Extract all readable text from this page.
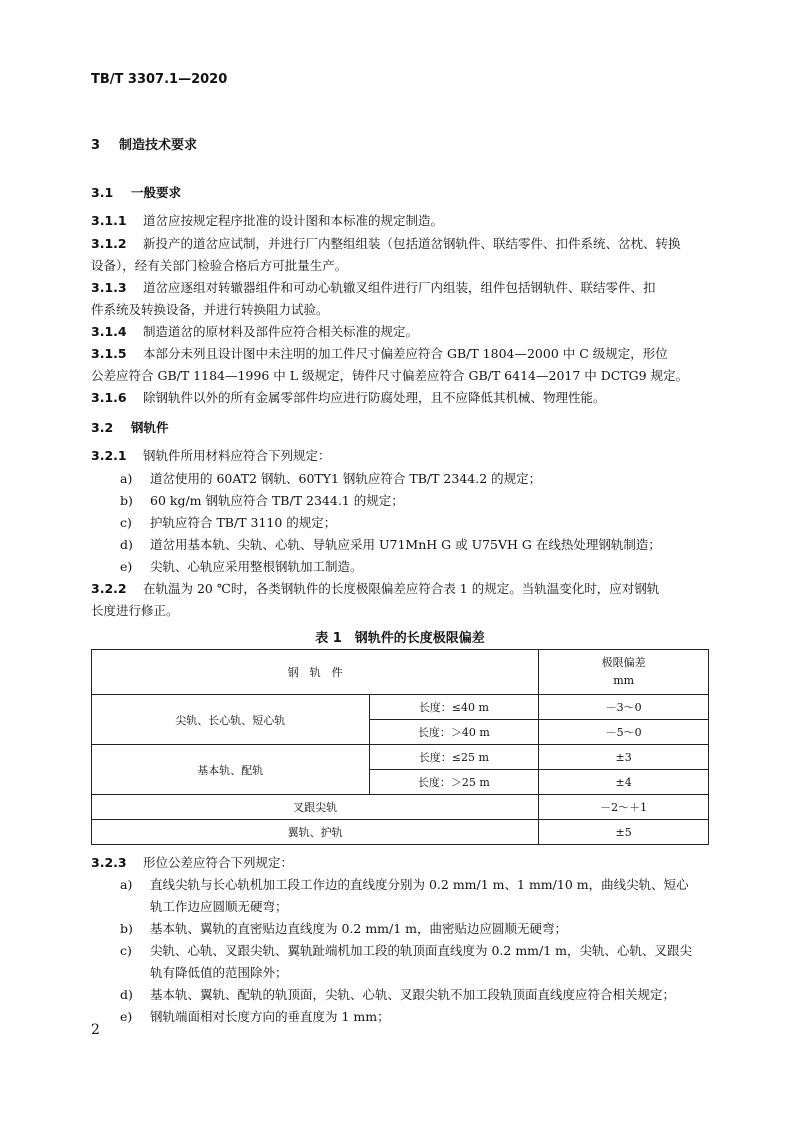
TB/T 3307.1—2020
3 制造技术要求
3.1 一般要求
3.1.1 道岔应按规定程序批准的设计图和本标准的规定制造。
3.1.2 新投产的道岔应试制，并进行厂内整组组装（包括道岔钢轨件、联结零件、扣件系统、岔枕、转换
设备），经有关部门检验合格后方可批量生产。
3.1.3 道岔应逐组对转辙器组件和可动心轨辙叉组件进行厂内组装，组件包括钢轨件、联结零件、扣
件系统及转换设备，并进行转换阻力试验。
3.1.4 制造道岔的原材料及部件应符合相关标准的规定。
3.1.5 本部分未列且设计图中未注明的加工件尺寸偏差应符合 GB/T 1804—2000 中 C 级规定，形位
公差应符合 GB/T 1184—1996 中 L 级规定，铸件尺寸偏差应符合 GB/T 6414—2017 中 DCTG9 规定。
3.1.6 除钢轨件以外的所有金属零部件均应进行防腐处理，且不应降低其机械、物理性能。
3.2 钢轨件
3.2.1 钢轨件所用材料应符合下列规定：
a) 道岔使用的 60AT2 钢轨、60TY1 钢轨应符合 TB/T 2344.2 的规定；
b) 60 kg/m 钢轨应符合 TB/T 2344.1 的规定；
c) 护轨应符合 TB/T 3110 的规定；
d) 道岔用基本轨、尖轨、心轨、导轨应采用 U71MnH G 或 U75VH G 在线热处理钢轨制造；
e) 尖轨、心轨应采用整根钢轨加工制造。
3.2.2 在轨温为 20 ℃时，各类钢轨件的长度极限偏差应符合表 1 的规定。当轨温变化时，应对钢轨
长度进行修正。
表 1　钢轨件的长度极限偏差
钢　轨　件		极限偏差
mm

尖轨、长心轨、短心轨	长度：≤40 m	－3～0
	长度：＞40 m	－5～0
基本轨、配轨	长度：≤25 m	±3
	长度：＞25 m	±4
叉跟尖轨		－2～＋1
翼轨、护轨		±5
3.2.3 形位公差应符合下列规定：
a) 直线尖轨与长心轨机加工段工作边的直线度分别为 0.2 mm/1 m、1 mm/10 m，曲线尖轨、短心
轨工作边应圆顺无硬弯；
b) 基本轨、翼轨的直密贴边直线度为 0.2 mm/1 m，曲密贴边应圆顺无硬弯；
c) 尖轨、心轨、叉跟尖轨、翼轨趾端机加工段的轨顶面直线度为 0.2 mm/1 m，尖轨、心轨、叉跟尖
轨有降低值的范围除外；
d) 基本轨、翼轨、配轨的轨顶面，尖轨、心轨、叉跟尖轨不加工段轨顶面直线度应符合相关规定；
e) 钢轨端面相对长度方向的垂直度为 1 mm；
2
